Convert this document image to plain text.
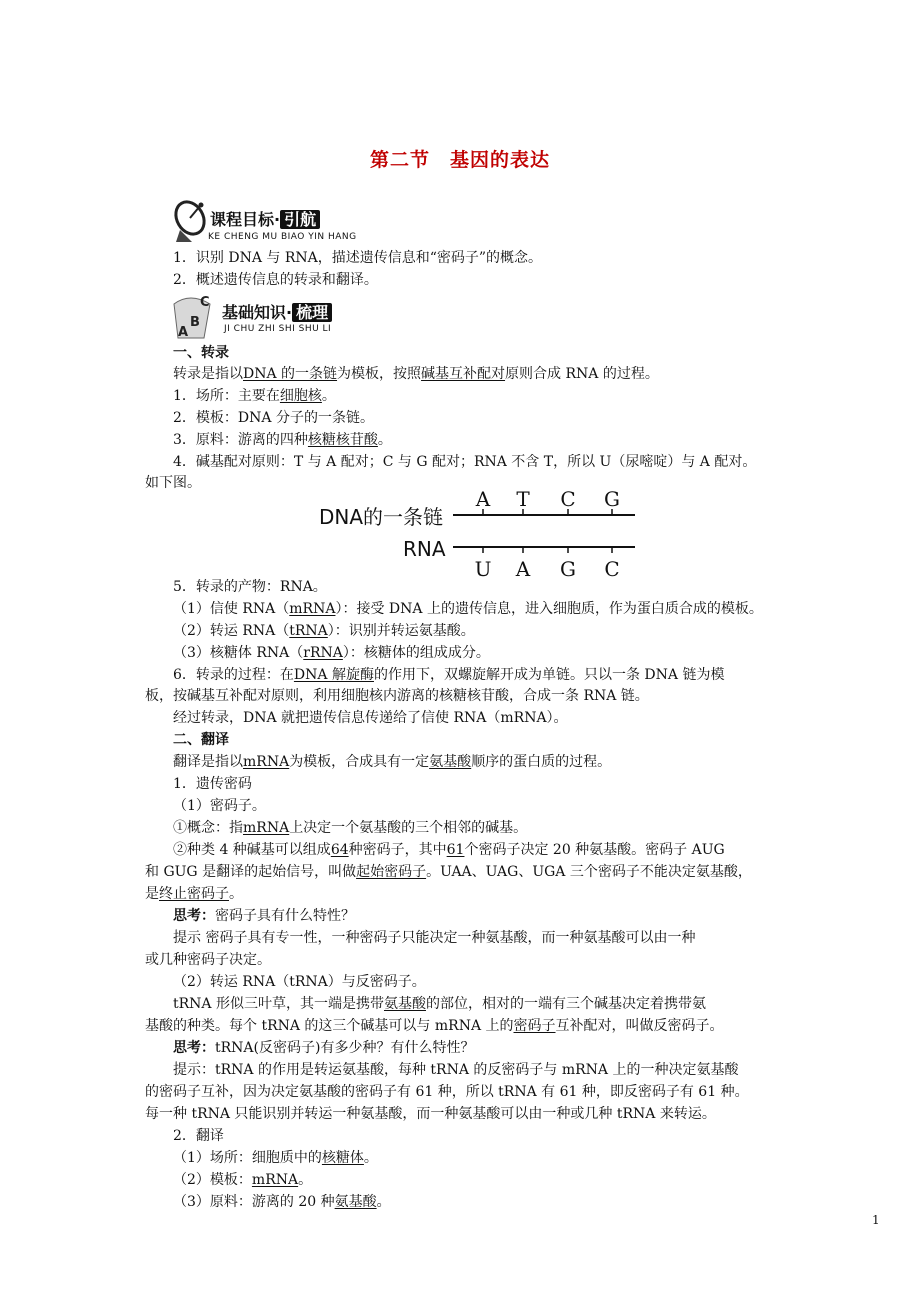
第二节　基因的表达
课程目标· 引航
KE CHENG MU BIAO YIN HANG
1．识别 DNA 与 RNA，描述遗传信息和“密码子”的概念。
2．概述遗传信息的转录和翻译。
C
A
B
基础知识· 梳理
JI CHU ZHI SHI SHU LI
一、转录
转录是指以DNA 的一条链为模板，按照碱基互补配对原则合成 RNA 的过程。
1．场所：主要在细胞核。
2．模板：DNA 分子的一条链。
3．原料：游离的四种核糖核苷酸。
4．碱基配对原则：T 与 A 配对；C 与 G 配对；RNA 不含 T，所以 U（尿嘧啶）与 A 配对。
如下图。
DNA的一条链
RNA
A T C G
U A G C
5．转录的产物：RNA。
（1）信使 RNA（mRNA）：接受 DNA 上的遗传信息，进入细胞质，作为蛋白质合成的模板。
（2）转运 RNA（tRNA）：识别并转运氨基酸。
（3）核糖体 RNA（rRNA）：核糖体的组成成分。
6．转录的过程：在DNA 解旋酶的作用下，双螺旋解开成为单链。只以一条 DNA 链为模
板，按碱基互补配对原则，利用细胞核内游离的核糖核苷酸，合成一条 RNA 链。
经过转录，DNA 就把遗传信息传递给了信使 RNA（mRNA）。
二、翻译
翻译是指以mRNA为模板，合成具有一定氨基酸顺序的蛋白质的过程。
1．遗传密码
（1）密码子。
①概念：指mRNA上决定一个氨基酸的三个相邻的碱基。
②种类 4 种碱基可以组成64种密码子，其中61个密码子决定 20 种氨基酸。密码子 AUG
和 GUG 是翻译的起始信号，叫做起始密码子。UAA、UAG、UGA 三个密码子不能决定氨基酸，
是终止密码子。
思考：密码子具有什么特性？
提示 密码子具有专一性，一种密码子只能决定一种氨基酸，而一种氨基酸可以由一种
或几种密码子决定。
（2）转运 RNA（tRNA）与反密码子。
tRNA 形似三叶草，其一端是携带氨基酸的部位，相对的一端有三个碱基决定着携带氨
基酸的种类。每个 tRNA 的这三个碱基可以与 mRNA 上的密码子互补配对，叫做反密码子。
思考：tRNA(反密码子)有多少种？有什么特性？
提示：tRNA 的作用是转运氨基酸，每种 tRNA 的反密码子与 mRNA 上的一种决定氨基酸
的密码子互补，因为决定氨基酸的密码子有 61 种，所以 tRNA 有 61 种，即反密码子有 61 种。
每一种 tRNA 只能识别并转运一种氨基酸，而一种氨基酸可以由一种或几种 tRNA 来转运。
2．翻译
（1）场所：细胞质中的核糖体。
（2）模板：mRNA。
（3）原料：游离的 20 种氨基酸。
1
